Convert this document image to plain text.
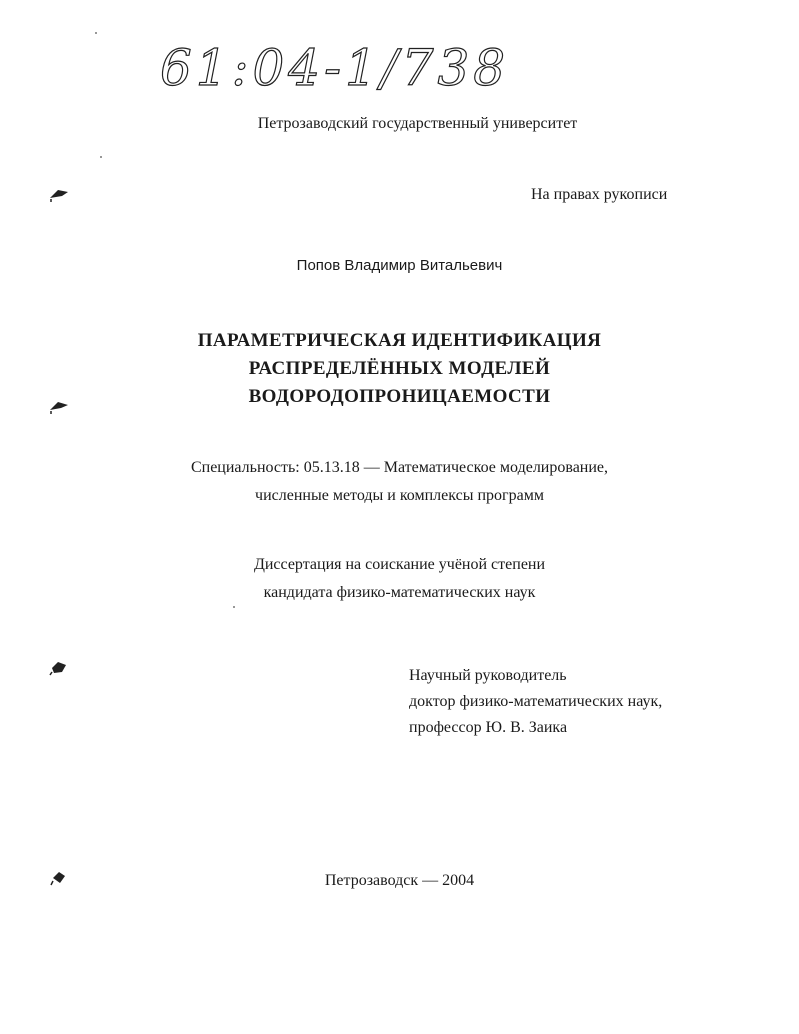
61:04-1/738
Петрозаводский государственный университет
На правах рукописи
Попов Владимир Витальевич
ПАРАМЕТРИЧЕСКАЯ ИДЕНТИФИКАЦИЯ
РАСПРЕДЕЛЁННЫХ МОДЕЛЕЙ
ВОДОРОДОПРОНИЦАЕМОСТИ
Специальность: 05.13.18 — Математическое моделирование,
численные методы и комплексы программ
Диссертация на соискание учёной степени
кандидата физико-математических наук
Научный руководитель
доктор физико-математических наук,
профессор Ю. В. Заика
Петрозаводск — 2004
